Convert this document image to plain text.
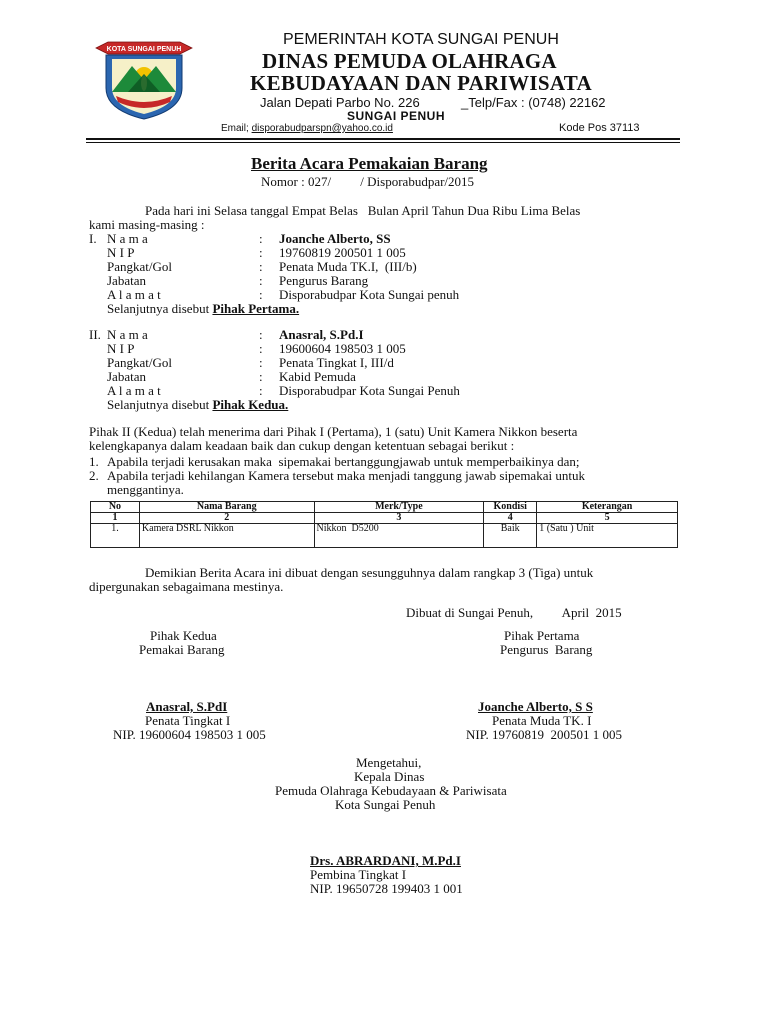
KOTA SUNGAI PENUH
PEMERINTAH KOTA SUNGAI PENUH
DINAS PEMUDA OLAHRAGA
KEBUDAYAAN DAN PARIWISATA
Jalan Depati Parbo No. 226	_Telp/Fax : (0748) 22162
SUNGAI PENUH
Email; disporabudparspn@yahoo.co.id	Kode Pos 37113
Berita Acara Pemakaian Barang
Nomor : 027/         / Disporabudpar/2015
Pada hari ini Selasa tanggal Empat Belas   Bulan April Tahun Dua Ribu Lima Belas
kami masing-masing :
I. N a m a	: Joanche Alberto, SS
N I P	: 19760819 200501 1 005
Pangkat/Gol	: Penata Muda TK.I,  (III/b)
Jabatan	: Pengurus Barang
A l a m a t	: Disporabudpar Kota Sungai penuh
Selanjutnya disebut Pihak Pertama.
II. N a m a	: Anasral, S.Pd.I
N I P	: 19600604 198503 1 005
Pangkat/Gol	: Penata Tingkat I, III/d
Jabatan	: Kabid Pemuda
A l a m a t	: Disporabudpar Kota Sungai Penuh
Selanjutnya disebut Pihak Kedua.
Pihak II (Kedua) telah menerima dari Pihak I (Pertama), 1 (satu) Unit Kamera Nikkon beserta
kelengkapanya dalam keadaan baik dan cukup dengan ketentuan sebagai berikut :
1. Apabila terjadi kerusakan maka  sipemakai bertanggungjawab untuk memperbaikinya dan;
2. Apabila terjadi kehilangan Kamera tersebut maka menjadi tanggung jawab sipemakai untuk
menggantinya.
No	Nama Barang	Merk/Type	Kondisi	Keterangan
1	2	3	4	5
1.	Kamera DSRL Nikkon	Nikkon  D5200	Baik	1 (Satu ) Unit
Demikian Berita Acara ini dibuat dengan sesungguhnya dalam rangkap 3 (Tiga) untuk
dipergunakan sebagaimana mestinya.
Dibuat di Sungai Penuh,         April  2015
Pihak Kedua
Pemakai Barang
Pihak Pertama
Pengurus  Barang
Anasral, S.PdI
Penata Tingkat I
NIP. 19600604 198503 1 005
Joanche Alberto, S S
Penata Muda TK. I
NIP. 19760819  200501 1 005
Mengetahui,
Kepala Dinas
Pemuda Olahraga Kebudayaan & Pariwisata
Kota Sungai Penuh
Drs. ABRARDANI, M.Pd.I
Pembina Tingkat I
NIP. 19650728 199403 1 001
